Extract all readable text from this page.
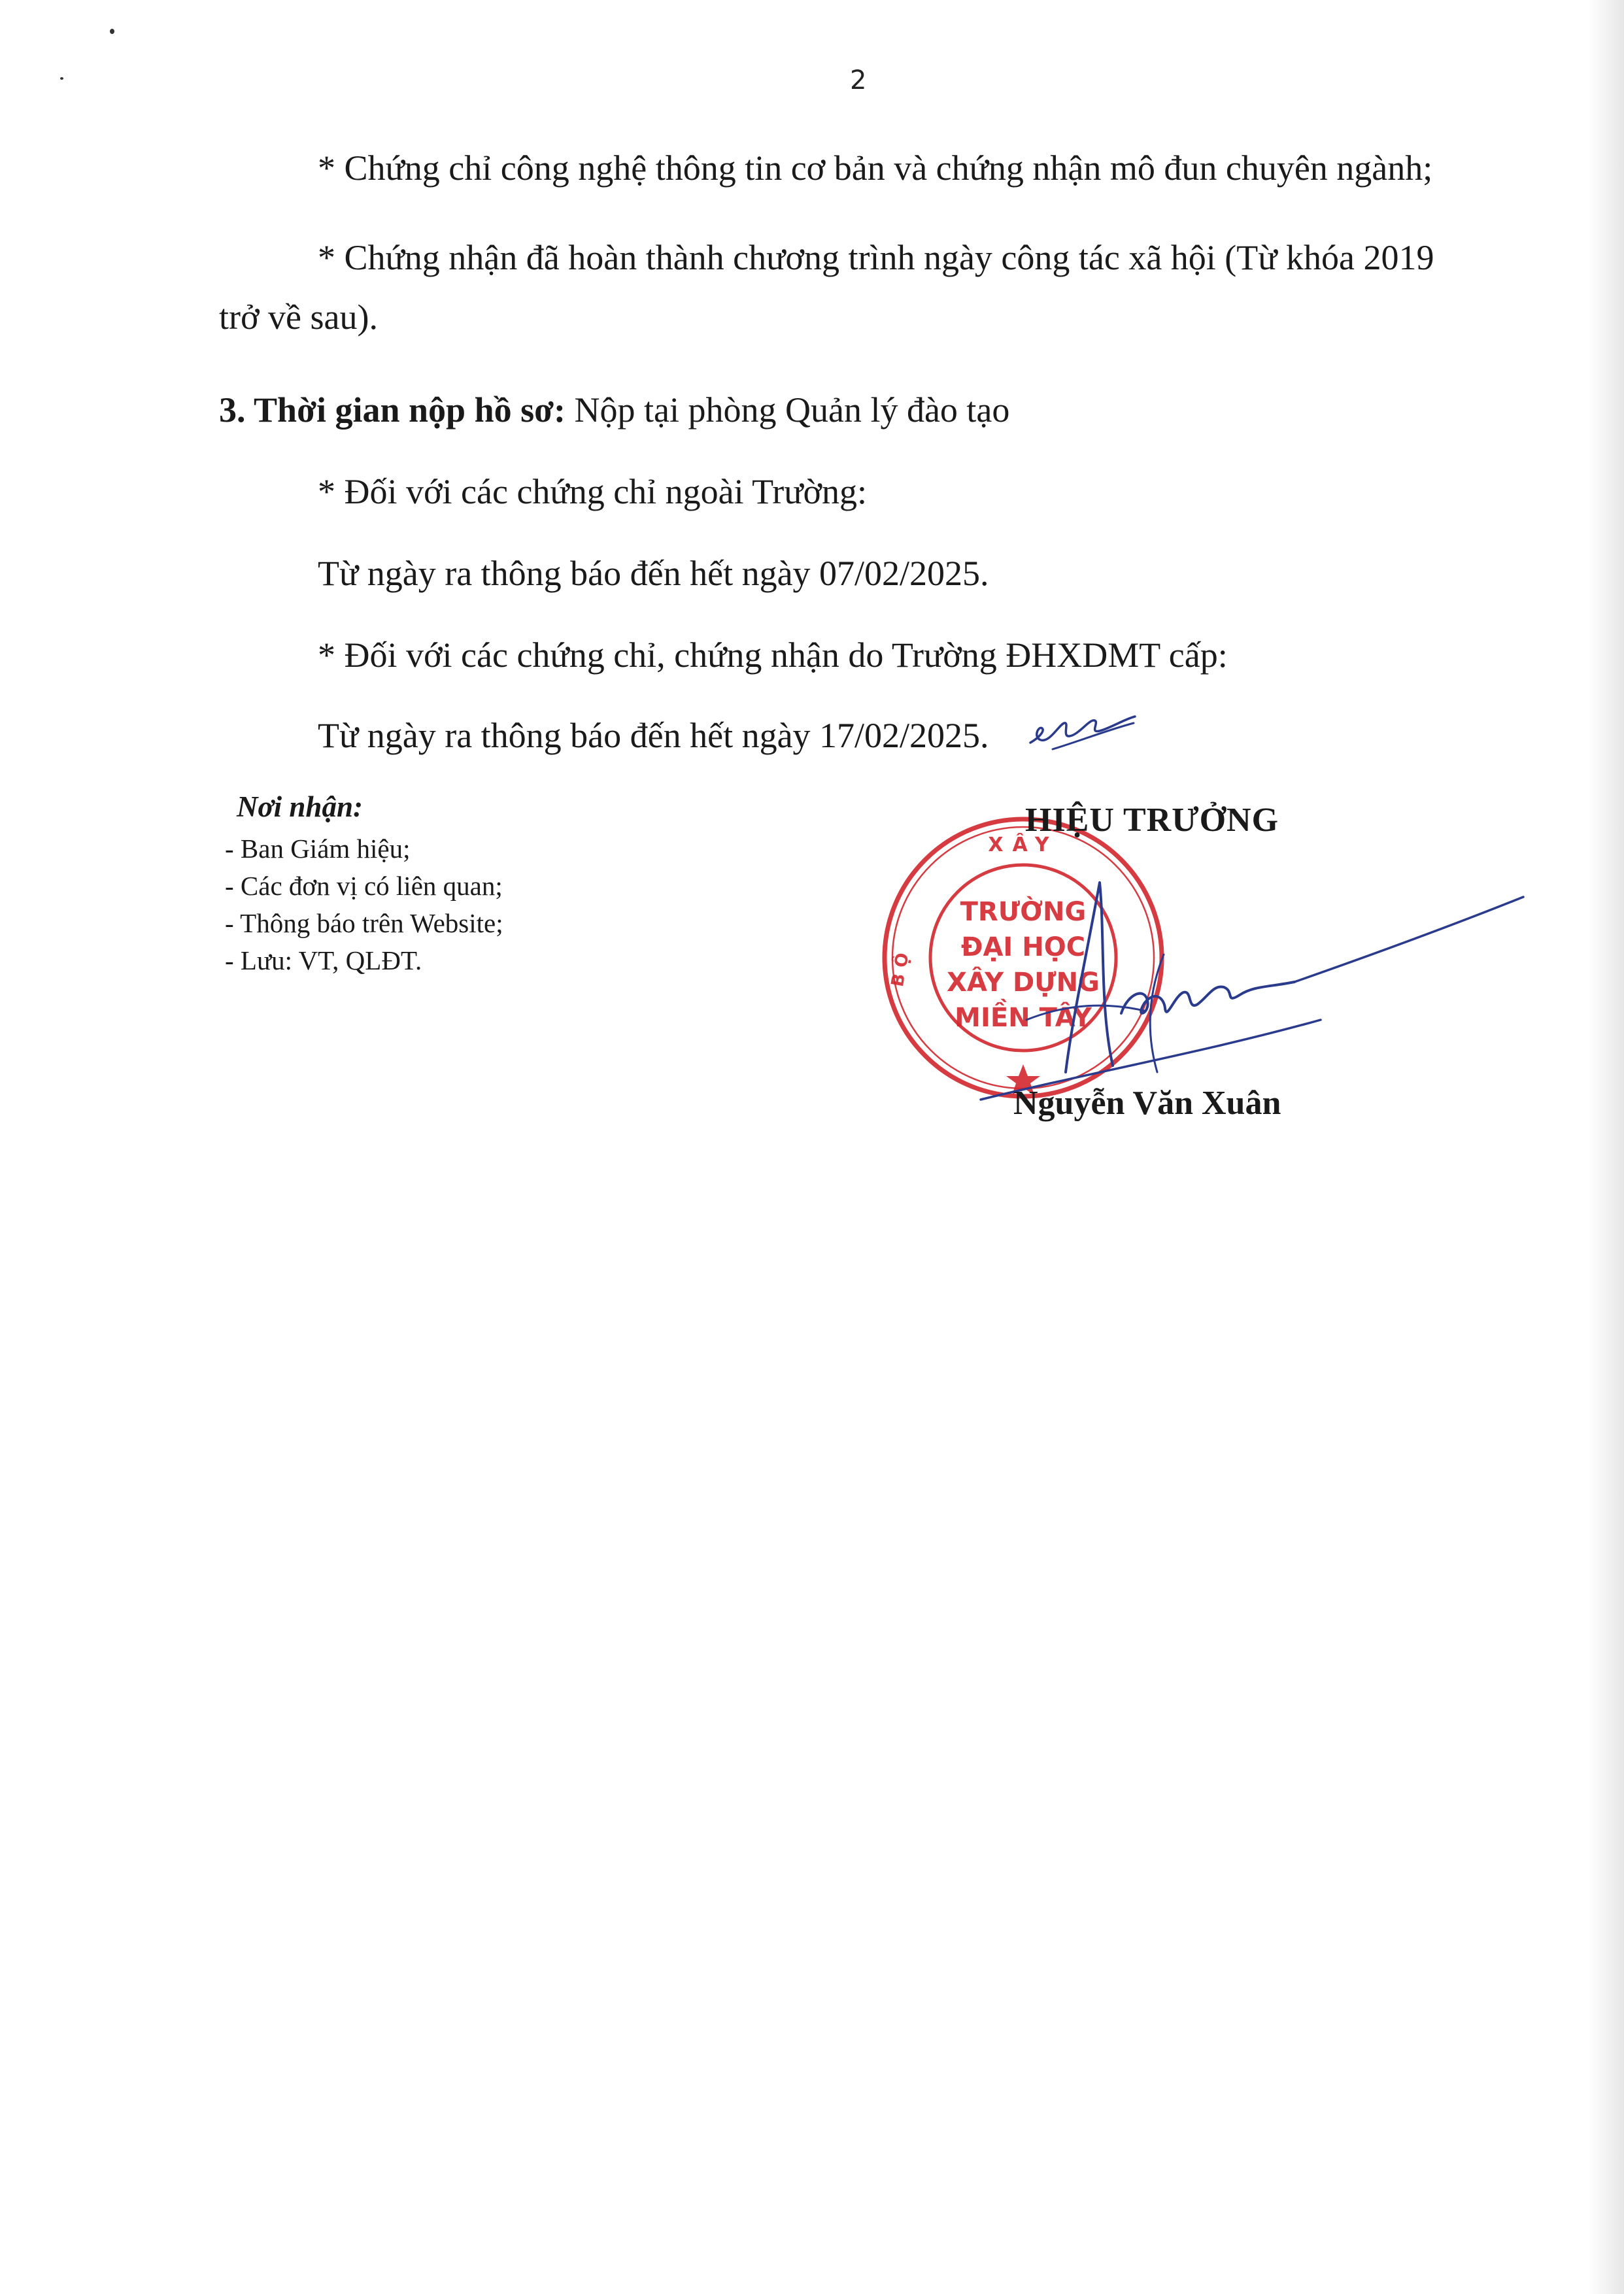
2
* Chứng chỉ công nghệ thông tin cơ bản và chứng nhận mô đun chuyên ngành;
* Chứng nhận đã hoàn thành chương trình ngày công tác xã hội (Từ khóa 2019
trở về sau).
3. Thời gian nộp hồ sơ: Nộp tại phòng Quản lý đào tạo
* Đối với các chứng chỉ ngoài Trường:
Từ ngày ra thông báo đến hết ngày 07/02/2025.
* Đối với các chứng chỉ, chứng nhận do Trường ĐHXDMT cấp:
Từ ngày ra thông báo đến hết ngày 17/02/2025.
Nơi nhận:
- Ban Giám hiệu;
- Các đơn vị có liên quan;
- Thông báo trên Website;
- Lưu: VT, QLĐT.
XÂY
BỘ
TRƯỜNG
ĐẠI HỌC
XÂY DỰNG
MIỀN TÂY
HIỆU TRƯỞNG
Nguyễn Văn Xuân
